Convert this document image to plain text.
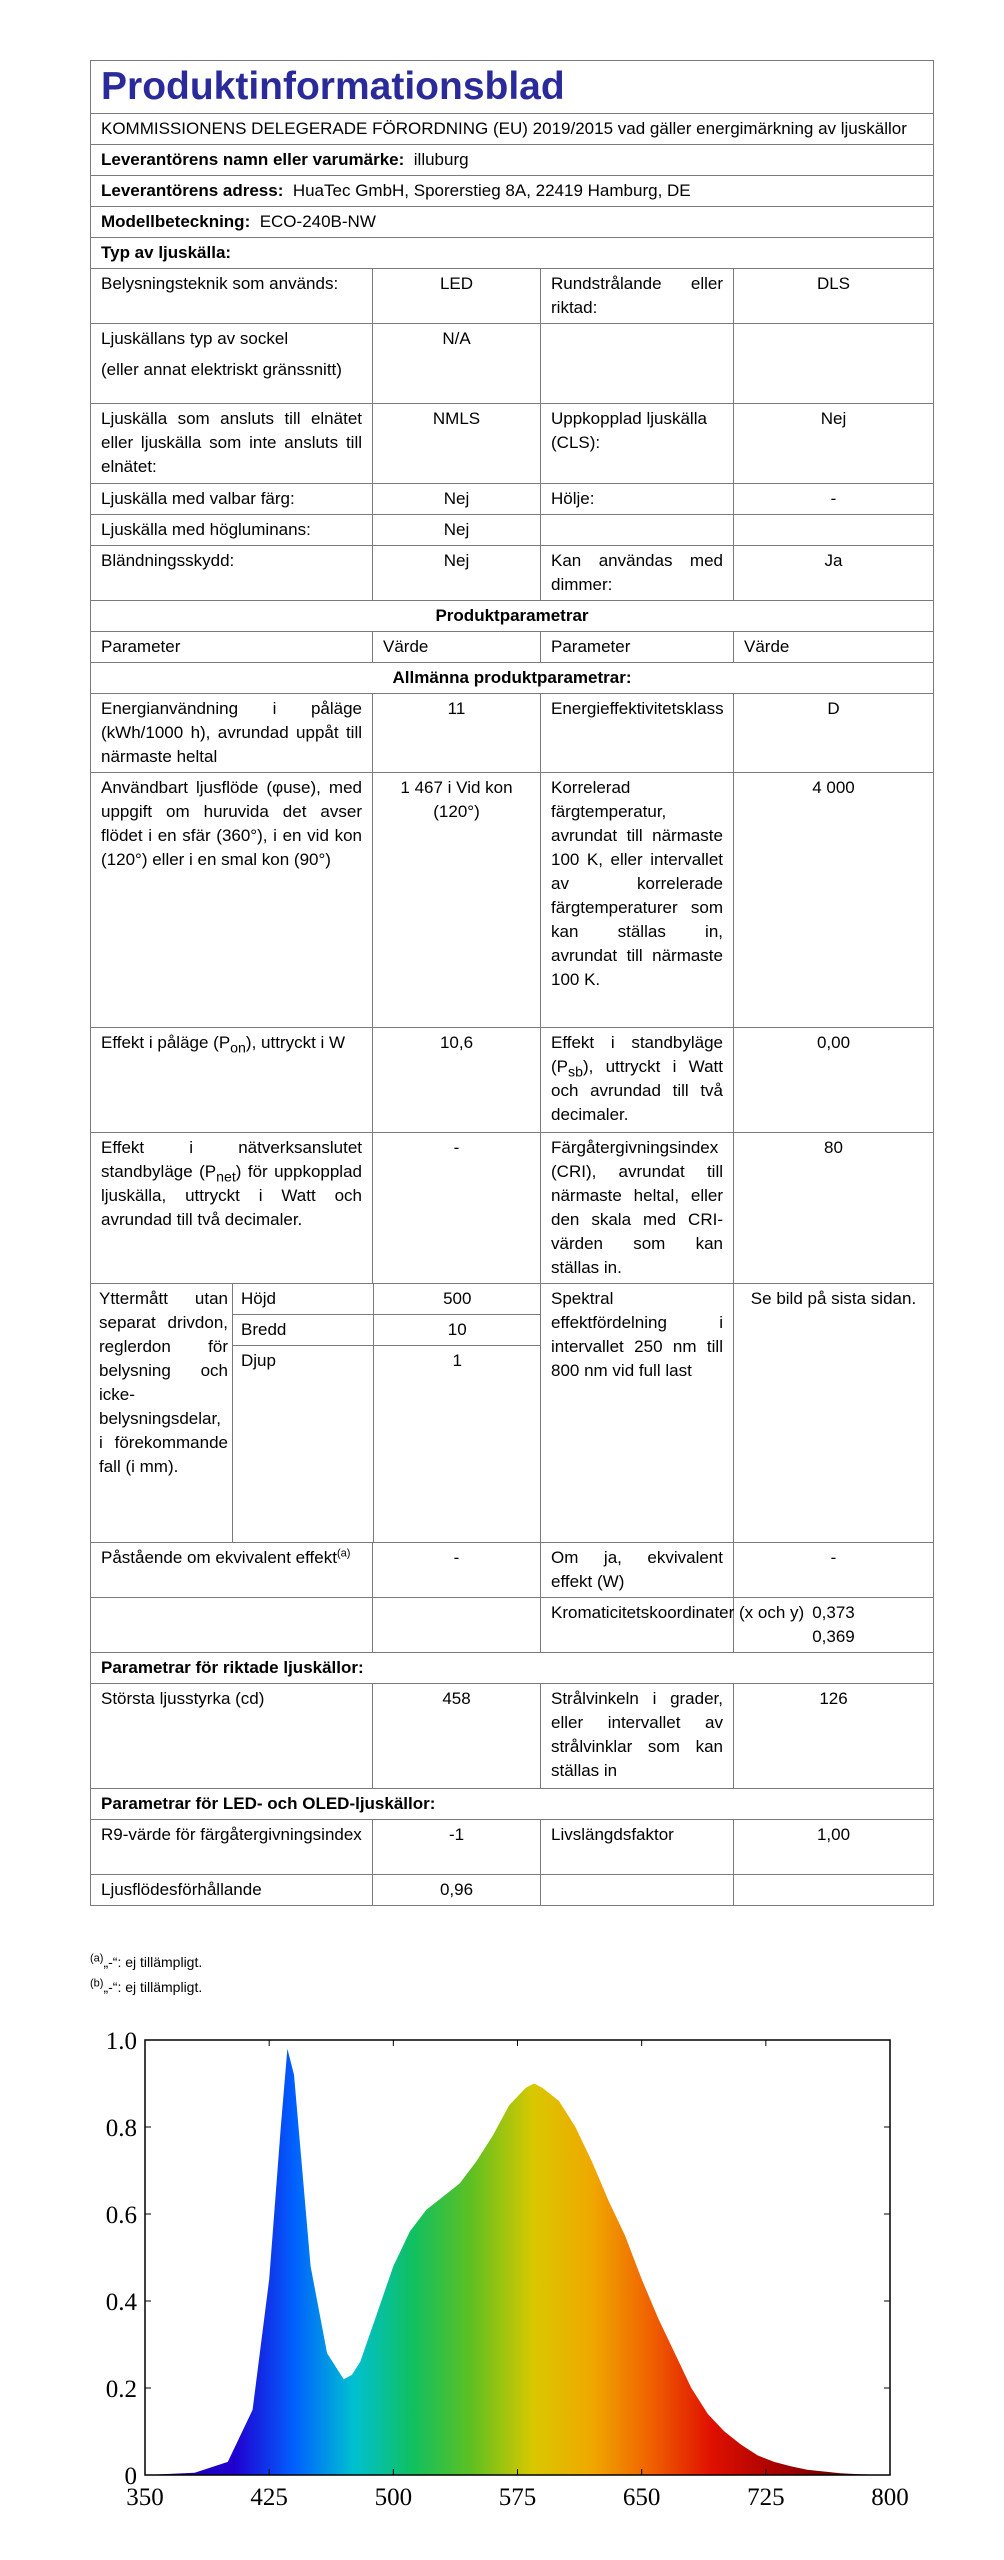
Produktinformationsblad
KOMMISSIONENS DELEGERADE FÖRORDNING (EU) 2019/2015 vad gäller energimärkning av ljuskällor
Leverantörens namn eller varumärke: illuburg
Leverantörens adress: HuaTec GmbH, Sporerstieg 8A, 22419 Hamburg, DE
Modellbeteckning: ECO-240B-NW
Typ av ljuskälla:
Belysningsteknik som används:	LED	Rundstrålande eller riktad:	DLS

Ljuskällans typ av sockel
(eller annat elektriskt gränssnitt)
	N/A		
Ljuskälla som ansluts till elnätet eller ljuskälla som inte ansluts till elnätet:	NMLS	Uppkopplad ljuskälla (CLS):	Nej
Ljuskälla med valbar färg:	Nej	Hölje:	-
Ljuskälla med högluminans:	Nej		
Bländningsskydd:	Nej	Kan användas med dimmer:	Ja
Produktparametrar
Parameter	Värde	Parameter	Värde
Allmänna produktparametrar:
Energianvändning i påläge (kWh/1000 h), avrundad uppåt till närmaste heltal	11	Energieffektivitetsklass	D
Användbart ljusflöde (φuse), med uppgift om huruvida det avser flödet i en sfär (360°), i en vid kon (120°) eller i en smal kon (90°)	1 467 i Vid kon (120°)	Korrelerad färgtemperatur, avrundat till närmaste 100 K, eller intervallet av korrelerade färgtemperaturer som kan ställas in, avrundat till närmaste 100 K.	4 000
Effekt i påläge $(P_{on})$, uttryckt i W	10,6	Effekt i standbyläge $(P_{sb})$, uttryckt i Watt och avrundad till två decimaler.	0,00
Effekt i nätverksanslutet standbyläge $(P_{net})$ för uppkopplad ljuskälla, uttryckt i Watt och avrundad till två decimaler.	-	Färgåtergivningsindex (CRI), avrundat till närmaste heltal, eller den skala med CRI-värden som kan ställas in.	80
Yttermått utan separat drivdon, reglerdon för belysning och icke-belysningsdelar, i förekommande fall (i mm).	
Höjd	500
Bredd	10
Djup	1
	Spektral effektfördelning i intervallet 250 nm till 800 nm vid full last	Se bild på sista sidan.
Påstående om ekvivalent effekt$^{(a)}$	-	Om ja, ekvivalent effekt (W)	-
		Kromaticitetskoordinater (x och y)	0,373
0,369

Parametrar för riktade ljuskällor:
Största ljusstyrka (cd)	458	Strålvinkeln i grader, eller intervallet av strålvinklar som kan ställas in	126
Parametrar för LED- och OLED-ljuskällor:
R9-värde för färgåtergivningsindex	-1	Livslängdsfaktor	1,00
Ljusflödesförhållande	0,96		
$^{(a)}$„-“: ej tillämpligt.
$^{(b)}$„-“: ej tillämpligt.
350	425	500	575	650	725	800
0
0.2
0.4
0.6
0.8
1.0
